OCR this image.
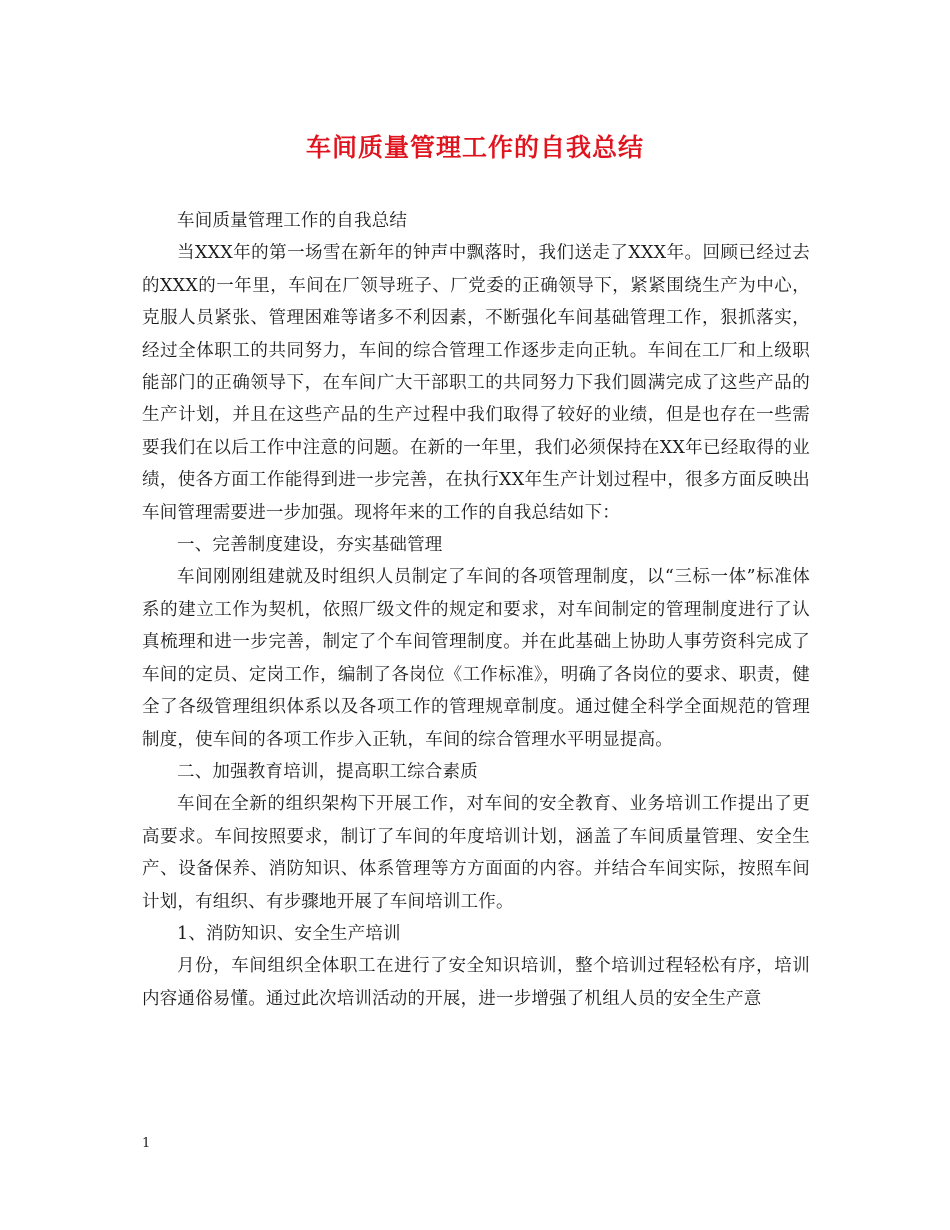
车间质量管理工作的自我总结

车间质量管理工作的自我总结

当XXX年的第一场雪在新年的钟声中飘落时，我们送走了XXX年。回顾已经过去的XXX的一年里，车间在厂领导班子、厂党委的正确领导下，紧紧围绕生产为中心，克服人员紧张、管理困难等诸多不利因素，不断强化车间基础管理工作，狠抓落实，经过全体职工的共同努力，车间的综合管理工作逐步走向正轨。车间在工厂和上级职能部门的正确领导下，在车间广大干部职工的共同努力下我们圆满完成了这些产品的生产计划，并且在这些产品的生产过程中我们取得了较好的业绩，但是也存在一些需要我们在以后工作中注意的问题。在新的一年里，我们必须保持在XX年已经取得的业绩，使各方面工作能得到进一步完善，在执行XX年生产计划过程中，很多方面反映出车间管理需要进一步加强。现将年来的工作的自我总结如下：

一、完善制度建设，夯实基础管理

车间刚刚组建就及时组织人员制定了车间的各项管理制度，以“三标一体”标准体系的建立工作为契机，依照厂级文件的规定和要求，对车间制定的管理制度进行了认真梳理和进一步完善，制定了个车间管理制度。并在此基础上协助人事劳资科完成了车间的定员、定岗工作，编制了各岗位《工作标准》，明确了各岗位的要求、职责，健全了各级管理组织体系以及各项工作的管理规章制度。通过健全科学全面规范的管理制度，使车间的各项工作步入正轨，车间的综合管理水平明显提高。

二、加强教育培训，提高职工综合素质

车间在全新的组织架构下开展工作，对车间的安全教育、业务培训工作提出了更高要求。车间按照要求，制订了车间的年度培训计划，涵盖了车间质量管理、安全生产、设备保养、消防知识、体系管理等方方面面的内容。并结合车间实际，按照车间计划，有组织、有步骤地开展了车间培训工作。

1、消防知识、安全生产培训

月份，车间组织全体职工在进行了安全知识培训，整个培训过程轻松有序，培训内容通俗易懂。通过此次培训活动的开展，进一步增强了机组人员的安全生产意

1
